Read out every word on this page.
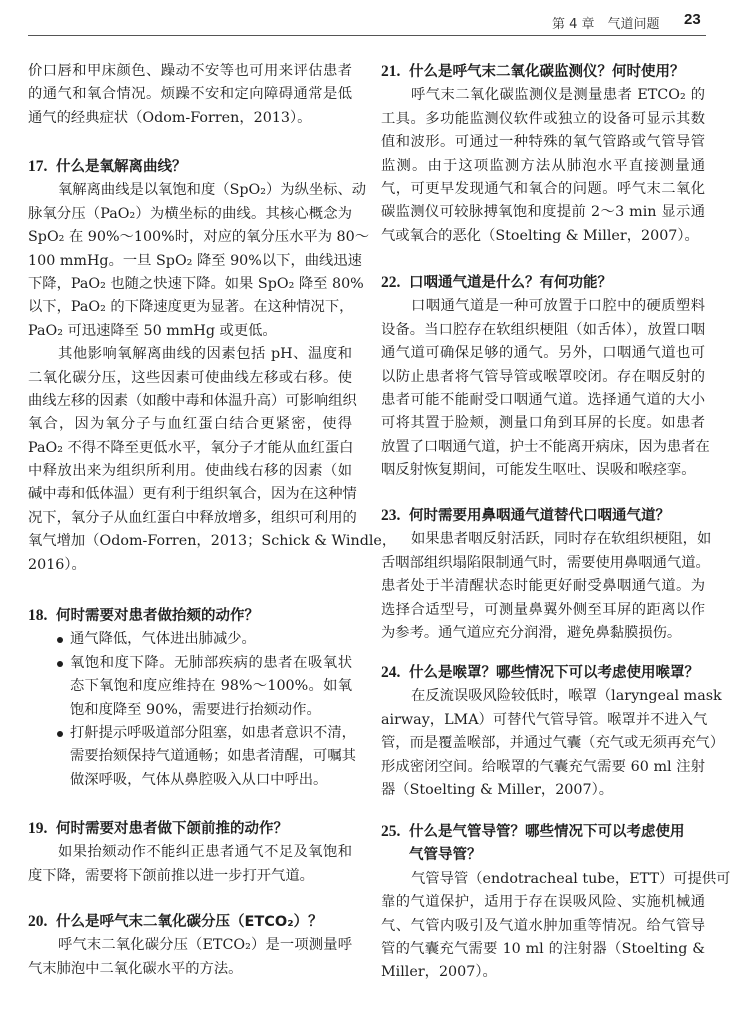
第 4 章　气道问题 23
价口唇和甲床颜色、躁动不安等也可用来评估患者
的通气和氧合情况。烦躁不安和定向障碍通常是低
通气的经典症状（Odom-Forren，2013）。
17. 什么是氧解离曲线？
氧解离曲线是以氧饱和度（SpO₂）为纵坐标、动
脉氧分压（PaO₂）为横坐标的曲线。其核心概念为
SpO₂ 在 90%～100%时，对应的氧分压水平为 80～
100 mmHg。一旦 SpO₂ 降至 90%以下，曲线迅速
下降，PaO₂ 也随之快速下降。如果 SpO₂ 降至 80%
以下，PaO₂ 的下降速度更为显著。在这种情况下，
PaO₂ 可迅速降至 50 mmHg 或更低。
其他影响氧解离曲线的因素包括 pH、温度和
二氧化碳分压，这些因素可使曲线左移或右移。使
曲线左移的因素（如酸中毒和体温升高）可影响组织
氧合，因为氧分子与血红蛋白结合更紧密，使得
PaO₂ 不得不降至更低水平，氧分子才能从血红蛋白
中释放出来为组织所利用。使曲线右移的因素（如
碱中毒和低体温）更有利于组织氧合，因为在这种情
况下，氧分子从血红蛋白中释放增多，组织可利用的
氧气增加（Odom-Forren，2013；Schick & Windle，
2016）。
18. 何时需要对患者做抬颏的动作？
通气降低，气体进出肺减少。
氧饱和度下降。无肺部疾病的患者在吸氧状
态下氧饱和度应维持在 98%～100%。如氧
饱和度降至 90%，需要进行抬颏动作。
打鼾提示呼吸道部分阻塞，如患者意识不清，
需要抬颏保持气道通畅；如患者清醒，可嘱其
做深呼吸，气体从鼻腔吸入从口中呼出。
19. 何时需要对患者做下颌前推的动作？
如果抬颏动作不能纠正患者通气不足及氧饱和
度下降，需要将下颌前推以进一步打开气道。
20. 什么是呼气末二氧化碳分压（ETCO₂）？
呼气末二氧化碳分压（ETCO₂）是一项测量呼
气末肺泡中二氧化碳水平的方法。
21. 什么是呼气末二氧化碳监测仪？何时使用？
呼气末二氧化碳监测仪是测量患者 ETCO₂ 的
工具。多功能监测仪软件或独立的设备可显示其数
值和波形。可通过一种特殊的氧气管路或气管导管
监测。由于这项监测方法从肺泡水平直接测量通
气，可更早发现通气和氧合的问题。呼气末二氧化
碳监测仪可较脉搏氧饱和度提前 2～3 min 显示通
气或氧合的恶化（Stoelting & Miller，2007）。
22. 口咽通气道是什么？有何功能？
口咽通气道是一种可放置于口腔中的硬质塑料
设备。当口腔存在软组织梗阻（如舌体），放置口咽
通气道可确保足够的通气。另外，口咽通气道也可
以防止患者将气管导管或喉罩咬闭。存在咽反射的
患者可能不能耐受口咽通气道。选择通气道的大小
可将其置于脸颊，测量口角到耳屏的长度。如患者
放置了口咽通气道，护士不能离开病床，因为患者在
咽反射恢复期间，可能发生呕吐、误吸和喉痉挛。
23. 何时需要用鼻咽通气道替代口咽通气道？
如果患者咽反射活跃，同时存在软组织梗阻，如
舌咽部组织塌陷限制通气时，需要使用鼻咽通气道。
患者处于半清醒状态时能更好耐受鼻咽通气道。为
选择合适型号，可测量鼻翼外侧至耳屏的距离以作
为参考。通气道应充分润滑，避免鼻黏膜损伤。
24. 什么是喉罩？哪些情况下可以考虑使用喉罩？
在反流误吸风险较低时，喉罩（laryngeal mask
airway，LMA）可替代气管导管。喉罩并不进入气
管，而是覆盖喉部，并通过气囊（充气或无须再充气）
形成密闭空间。给喉罩的气囊充气需要 60 ml 注射
器（Stoelting & Miller，2007）。
25. 什么是气管导管？哪些情况下可以考虑使用
气管导管？
气管导管（endotracheal tube，ETT）可提供可
靠的气道保护，适用于存在误吸风险、实施机械通
气、气管内吸引及气道水肿加重等情况。给气管导
管的气囊充气需要 10 ml 的注射器（Stoelting &
Miller，2007）。
